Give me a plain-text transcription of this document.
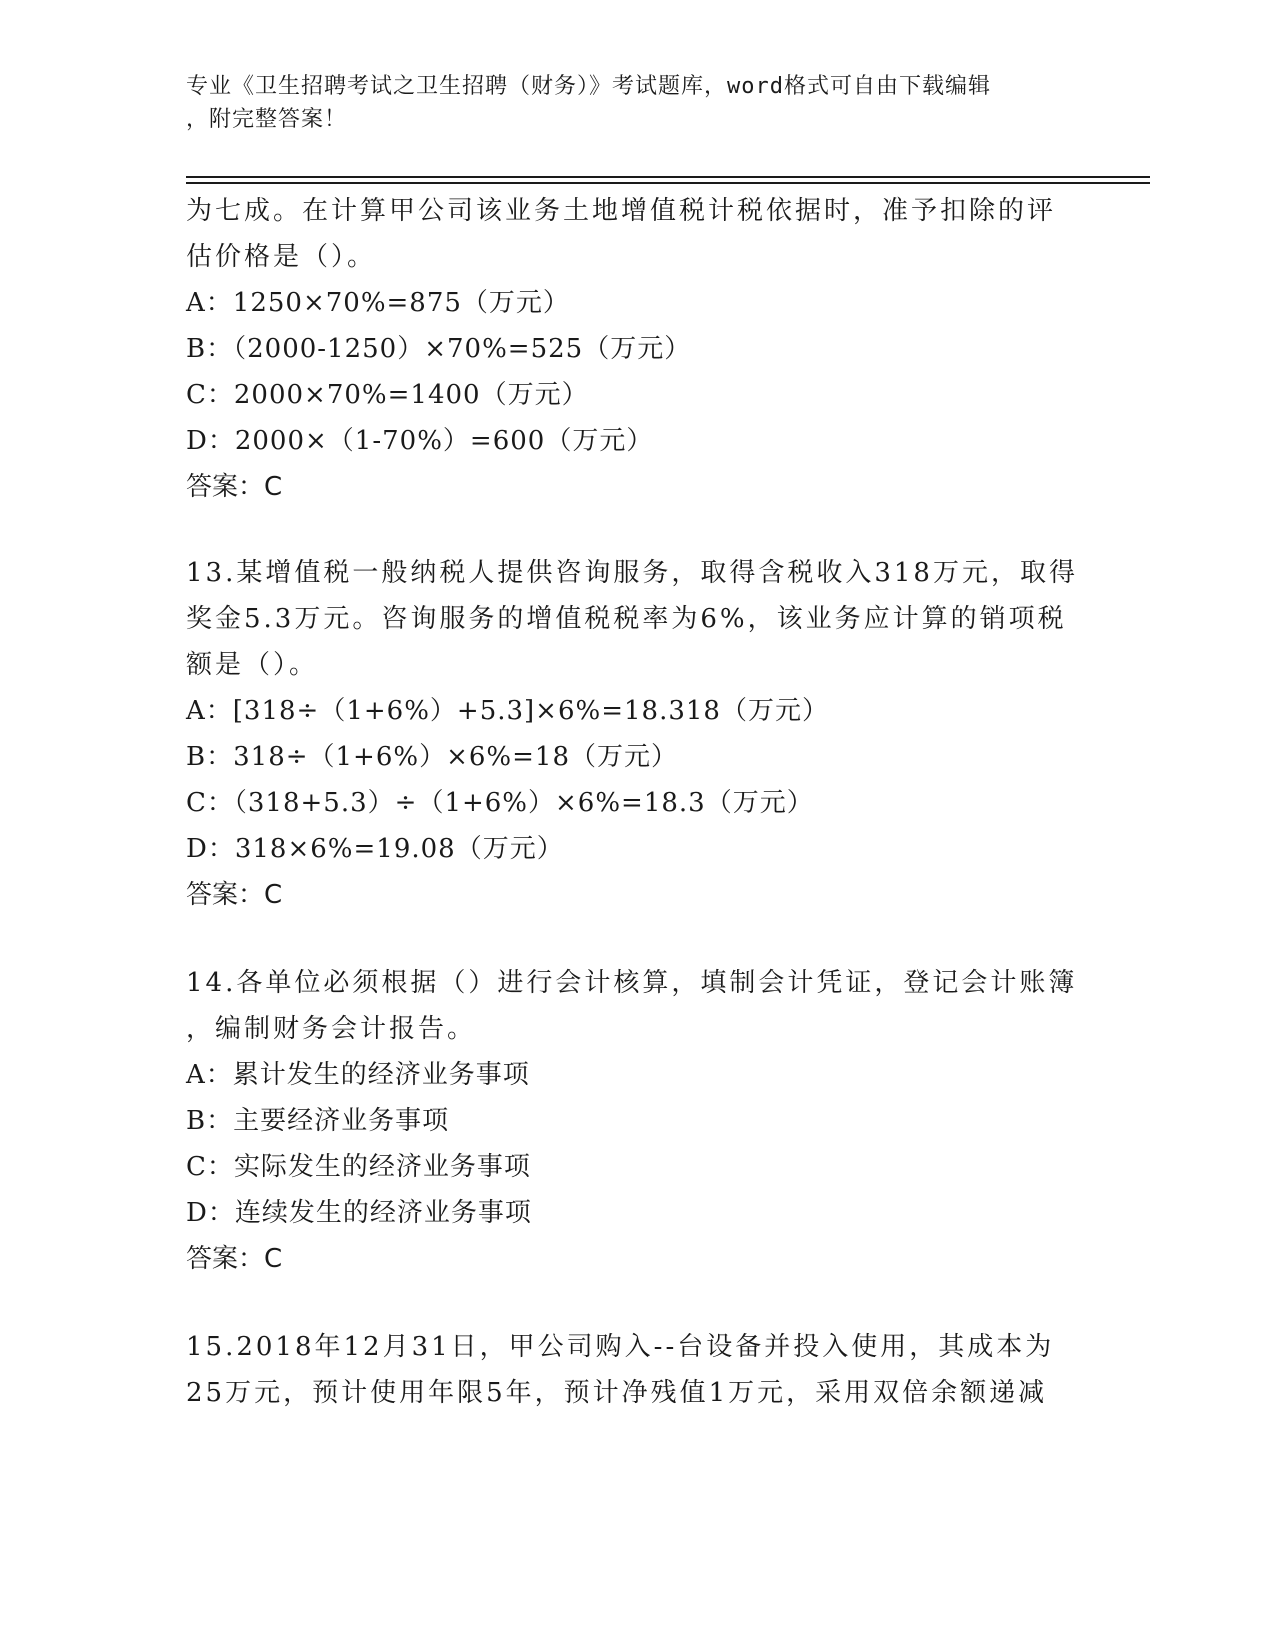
专业《卫生招聘考试之卫生招聘（财务）》考试题库，word格式可自由下载编辑
，附完整答案！
为七成。在计算甲公司该业务土地增值税计税依据时，准予扣除的评
估价格是（）。
A：1250×70%=875（万元）
B：（2000-1250）×70%=525（万元）
C：2000×70%=1400（万元）
D：2000×（1-70%）=600（万元）
答案：C
13.某增值税一般纳税人提供咨询服务，取得含税收入318万元，取得
奖金5.3万元。咨询服务的增值税税率为6%，该业务应计算的销项税
额是（）。
A：[318÷（1+6%）+5.3]×6%=18.318（万元）
B：318÷（1+6%）×6%=18（万元）
C：（318+5.3）÷（1+6%）×6%=18.3（万元）
D：318×6%=19.08（万元）
答案：C
14.各单位必须根据（）进行会计核算，填制会计凭证，登记会计账簿
，编制财务会计报告。
A：累计发生的经济业务事项
B：主要经济业务事项
C：实际发生的经济业务事项
D：连续发生的经济业务事项
答案：C
15.2018年12月31日，甲公司购入--台设备并投入使用，其成本为
25万元，预计使用年限5年，预计净残值1万元，采用双倍余额递减
